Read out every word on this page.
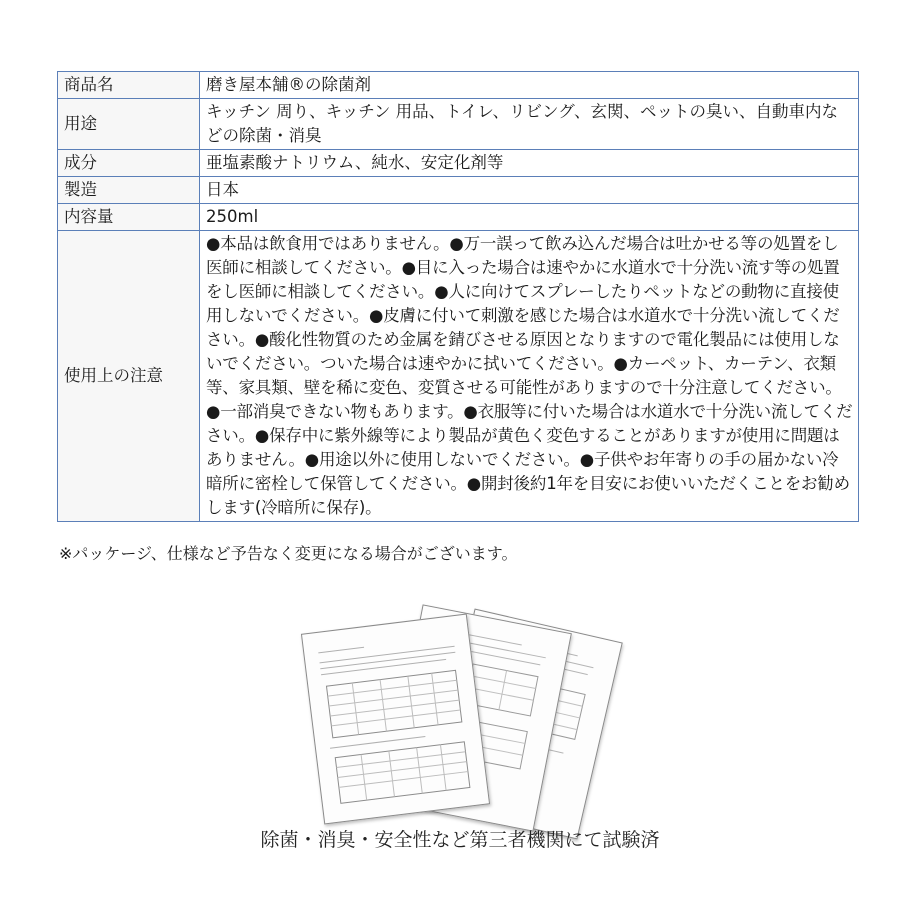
商品名	磨き屋本舗®の除菌剤
用途	キッチン 周り、キッチン 用品、トイレ、リビング、玄関、ペットの臭い、自動車内などの除菌・消臭
成分	亜塩素酸ナトリウム、純水、安定化剤等
製造	日本
内容量	250ml
使用上の注意	●本品は飲食用ではありません。●万一誤って飲み込んだ場合は吐かせる等の処置をし医師に相談してください。●目に入った場合は速やかに水道水で十分洗い流す等の処置をし医師に相談してください。●人に向けてスプレーしたりペットなどの動物に直接使用しないでください。●皮膚に付いて刺激を感じた場合は水道水で十分洗い流してください。●酸化性物質のため金属を錆びさせる原因となりますので電化製品には使用しないでください。ついた場合は速やかに拭いてください。●カーペット、カーテン、衣類等、家具類、壁を稀に変色、変質させる可能性がありますので十分注意してください。●一部消臭できない物もあります。●衣服等に付いた場合は水道水で十分洗い流してください。●保存中に紫外線等により製品が黄色く変色することがありますが使用に問題はありません。●用途以外に使用しないでください。●子供やお年寄りの手の届かない冷暗所に密栓して保管してください。●開封後約1年を目安にお使いいただくことをお勧めします(冷暗所に保存)。
※パッケージ、仕様など予告なく変更になる場合がございます。
除菌・消臭・安全性など第三者機関にて試験済
